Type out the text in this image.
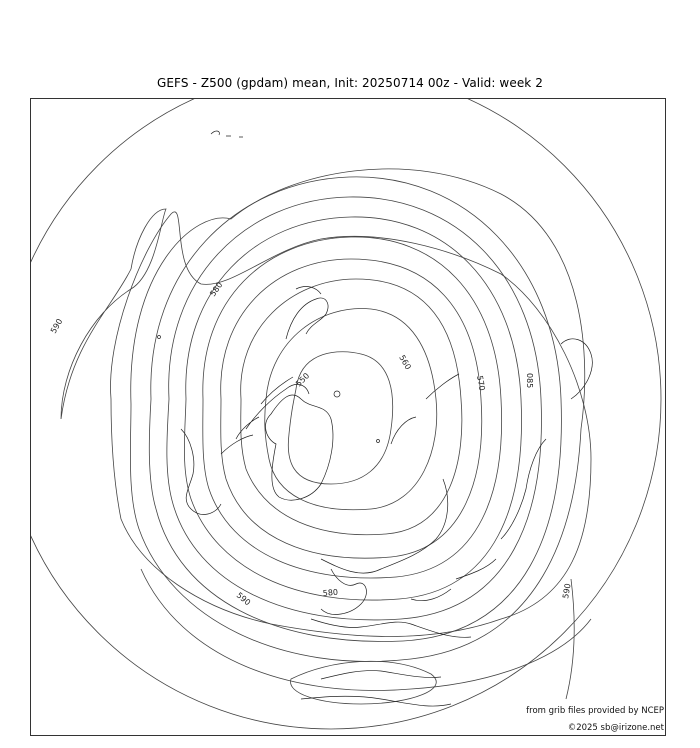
GEFS - Z500 (gpdam) mean, Init: 20250714 00z - Valid: week 2
550
560
570
580
580
085
590
590	590
from grib files provided by NCEP
©2025 sb@irizone.net
